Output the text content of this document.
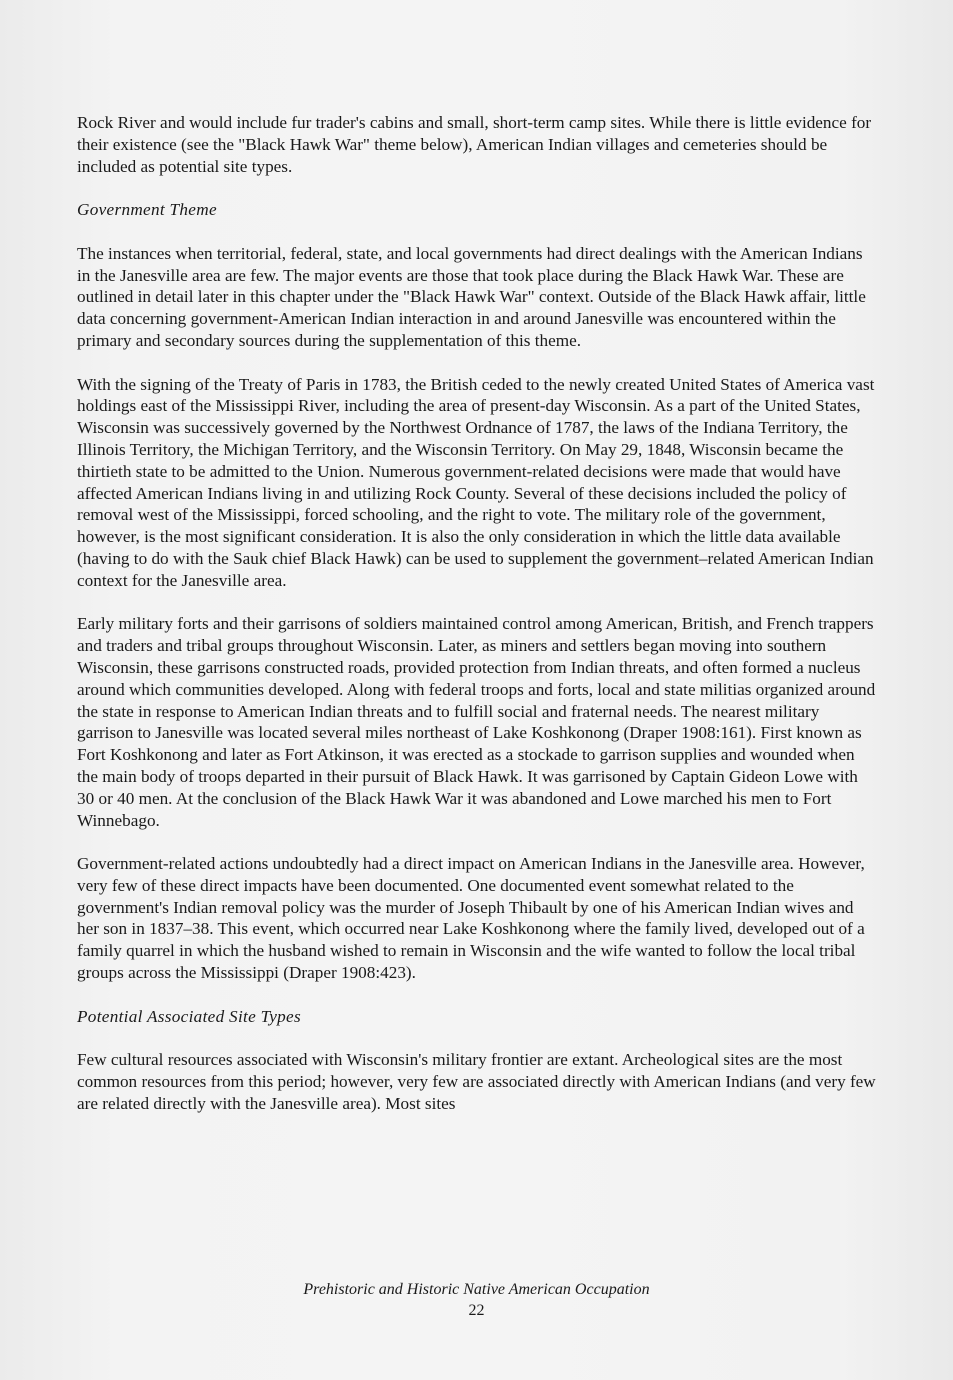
Rock River and would include fur trader's cabins and small, short-term camp sites. While there is little evidence for their existence (see the "Black Hawk War" theme below), American Indian villages and cemeteries should be included as potential site types.

Government Theme

The instances when territorial, federal, state, and local governments had direct dealings with the American Indians in the Janesville area are few. The major events are those that took place during the Black Hawk War. These are outlined in detail later in this chapter under the "Black Hawk War" context. Outside of the Black Hawk affair, little data concerning government-American Indian interaction in and around Janesville was encountered within the primary and secondary sources during the supplementation of this theme.

With the signing of the Treaty of Paris in 1783, the British ceded to the newly created United States of America vast holdings east of the Mississippi River, including the area of present-day Wisconsin. As a part of the United States, Wisconsin was successively governed by the Northwest Ordnance of 1787, the laws of the Indiana Territory, the Illinois Territory, the Michigan Territory, and the Wisconsin Territory. On May 29, 1848, Wisconsin became the thirtieth state to be admitted to the Union. Numerous government-related decisions were made that would have affected American Indians living in and utilizing Rock County. Several of these decisions included the policy of removal west of the Mississippi, forced schooling, and the right to vote. The military role of the government, however, is the most significant consideration. It is also the only consideration in which the little data available (having to do with the Sauk chief Black Hawk) can be used to supplement the government–related American Indian context for the Janesville area.

Early military forts and their garrisons of soldiers maintained control among American, British, and French trappers and traders and tribal groups throughout Wisconsin. Later, as miners and settlers began moving into southern Wisconsin, these garrisons constructed roads, provided protection from Indian threats, and often formed a nucleus around which communities developed. Along with federal troops and forts, local and state militias organized around the state in response to American Indian threats and to fulfill social and fraternal needs. The nearest military garrison to Janesville was located several miles northeast of Lake Koshkonong (Draper 1908:161). First known as Fort Koshkonong and later as Fort Atkinson, it was erected as a stockade to garrison supplies and wounded when the main body of troops departed in their pursuit of Black Hawk. It was garrisoned by Captain Gideon Lowe with 30 or 40 men. At the conclusion of the Black Hawk War it was abandoned and Lowe marched his men to Fort Winnebago.

Government-related actions undoubtedly had a direct impact on American Indians in the Janesville area. However, very few of these direct impacts have been documented. One documented event somewhat related to the government's Indian removal policy was the murder of Joseph Thibault by one of his American Indian wives and her son in 1837–38. This event, which occurred near Lake Koshkonong where the family lived, developed out of a family quarrel in which the husband wished to remain in Wisconsin and the wife wanted to follow the local tribal groups across the Mississippi (Draper 1908:423).

Potential Associated Site Types

Few cultural resources associated with Wisconsin's military frontier are extant. Archeological sites are the most common resources from this period; however, very few are associated directly with American Indians (and very few are related directly with the Janesville area). Most sites

Prehistoric and Historic Native American Occupation
22
